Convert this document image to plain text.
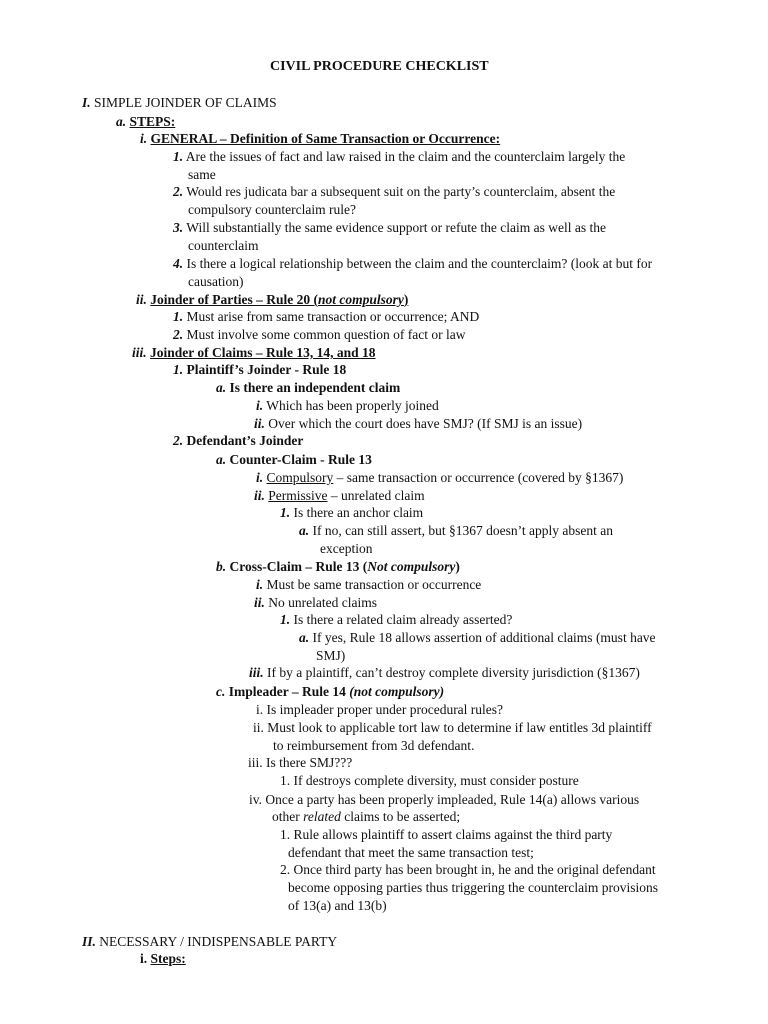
CIVIL PROCEDURE CHECKLIST
I. SIMPLE JOINDER OF CLAIMS
a. STEPS:
i. GENERAL – Definition of Same Transaction or Occurrence:
1. Are the issues of fact and law raised in the claim and the counterclaim largely the
same
2. Would res judicata bar a subsequent suit on the party’s counterclaim, absent the
compulsory counterclaim rule?
3. Will substantially the same evidence support or refute the claim as well as the
counterclaim
4. Is there a logical relationship between the claim and the counterclaim? (look at but for
causation)
ii. Joinder of Parties – Rule 20 (not compulsory)
1. Must arise from same transaction or occurrence; AND
2. Must involve some common question of fact or law
iii. Joinder of Claims – Rule 13, 14, and 18
1. Plaintiff’s Joinder - Rule 18
a. Is there an independent claim
i. Which has been properly joined
ii. Over which the court does have SMJ? (If SMJ is an issue)
2. Defendant’s Joinder
a. Counter-Claim - Rule 13
i. Compulsory – same transaction or occurrence (covered by §1367)
ii. Permissive – unrelated claim
1. Is there an anchor claim
a. If no, can still assert, but §1367 doesn’t apply absent an
exception
b. Cross-Claim – Rule 13 (Not compulsory)
i. Must be same transaction or occurrence
ii. No unrelated claims
1. Is there a related claim already asserted?
a. If yes, Rule 18 allows assertion of additional claims (must have
SMJ)
iii. If by a plaintiff, can’t destroy complete diversity jurisdiction (§1367)
c. Impleader – Rule 14 (not compulsory)
i. Is impleader proper under procedural rules?
ii. Must look to applicable tort law to determine if law entitles 3d plaintiff
to reimbursement from 3d defendant.
iii. Is there SMJ???
1. If destroys complete diversity, must consider posture
iv. Once a party has been properly impleaded, Rule 14(a) allows various
other related claims to be asserted;
1. Rule allows plaintiff to assert claims against the third party
defendant that meet the same transaction test;
2. Once third party has been brought in, he and the original defendant
become opposing parties thus triggering the counterclaim provisions
of 13(a) and 13(b)
II. NECESSARY / INDISPENSABLE PARTY
i. Steps:
